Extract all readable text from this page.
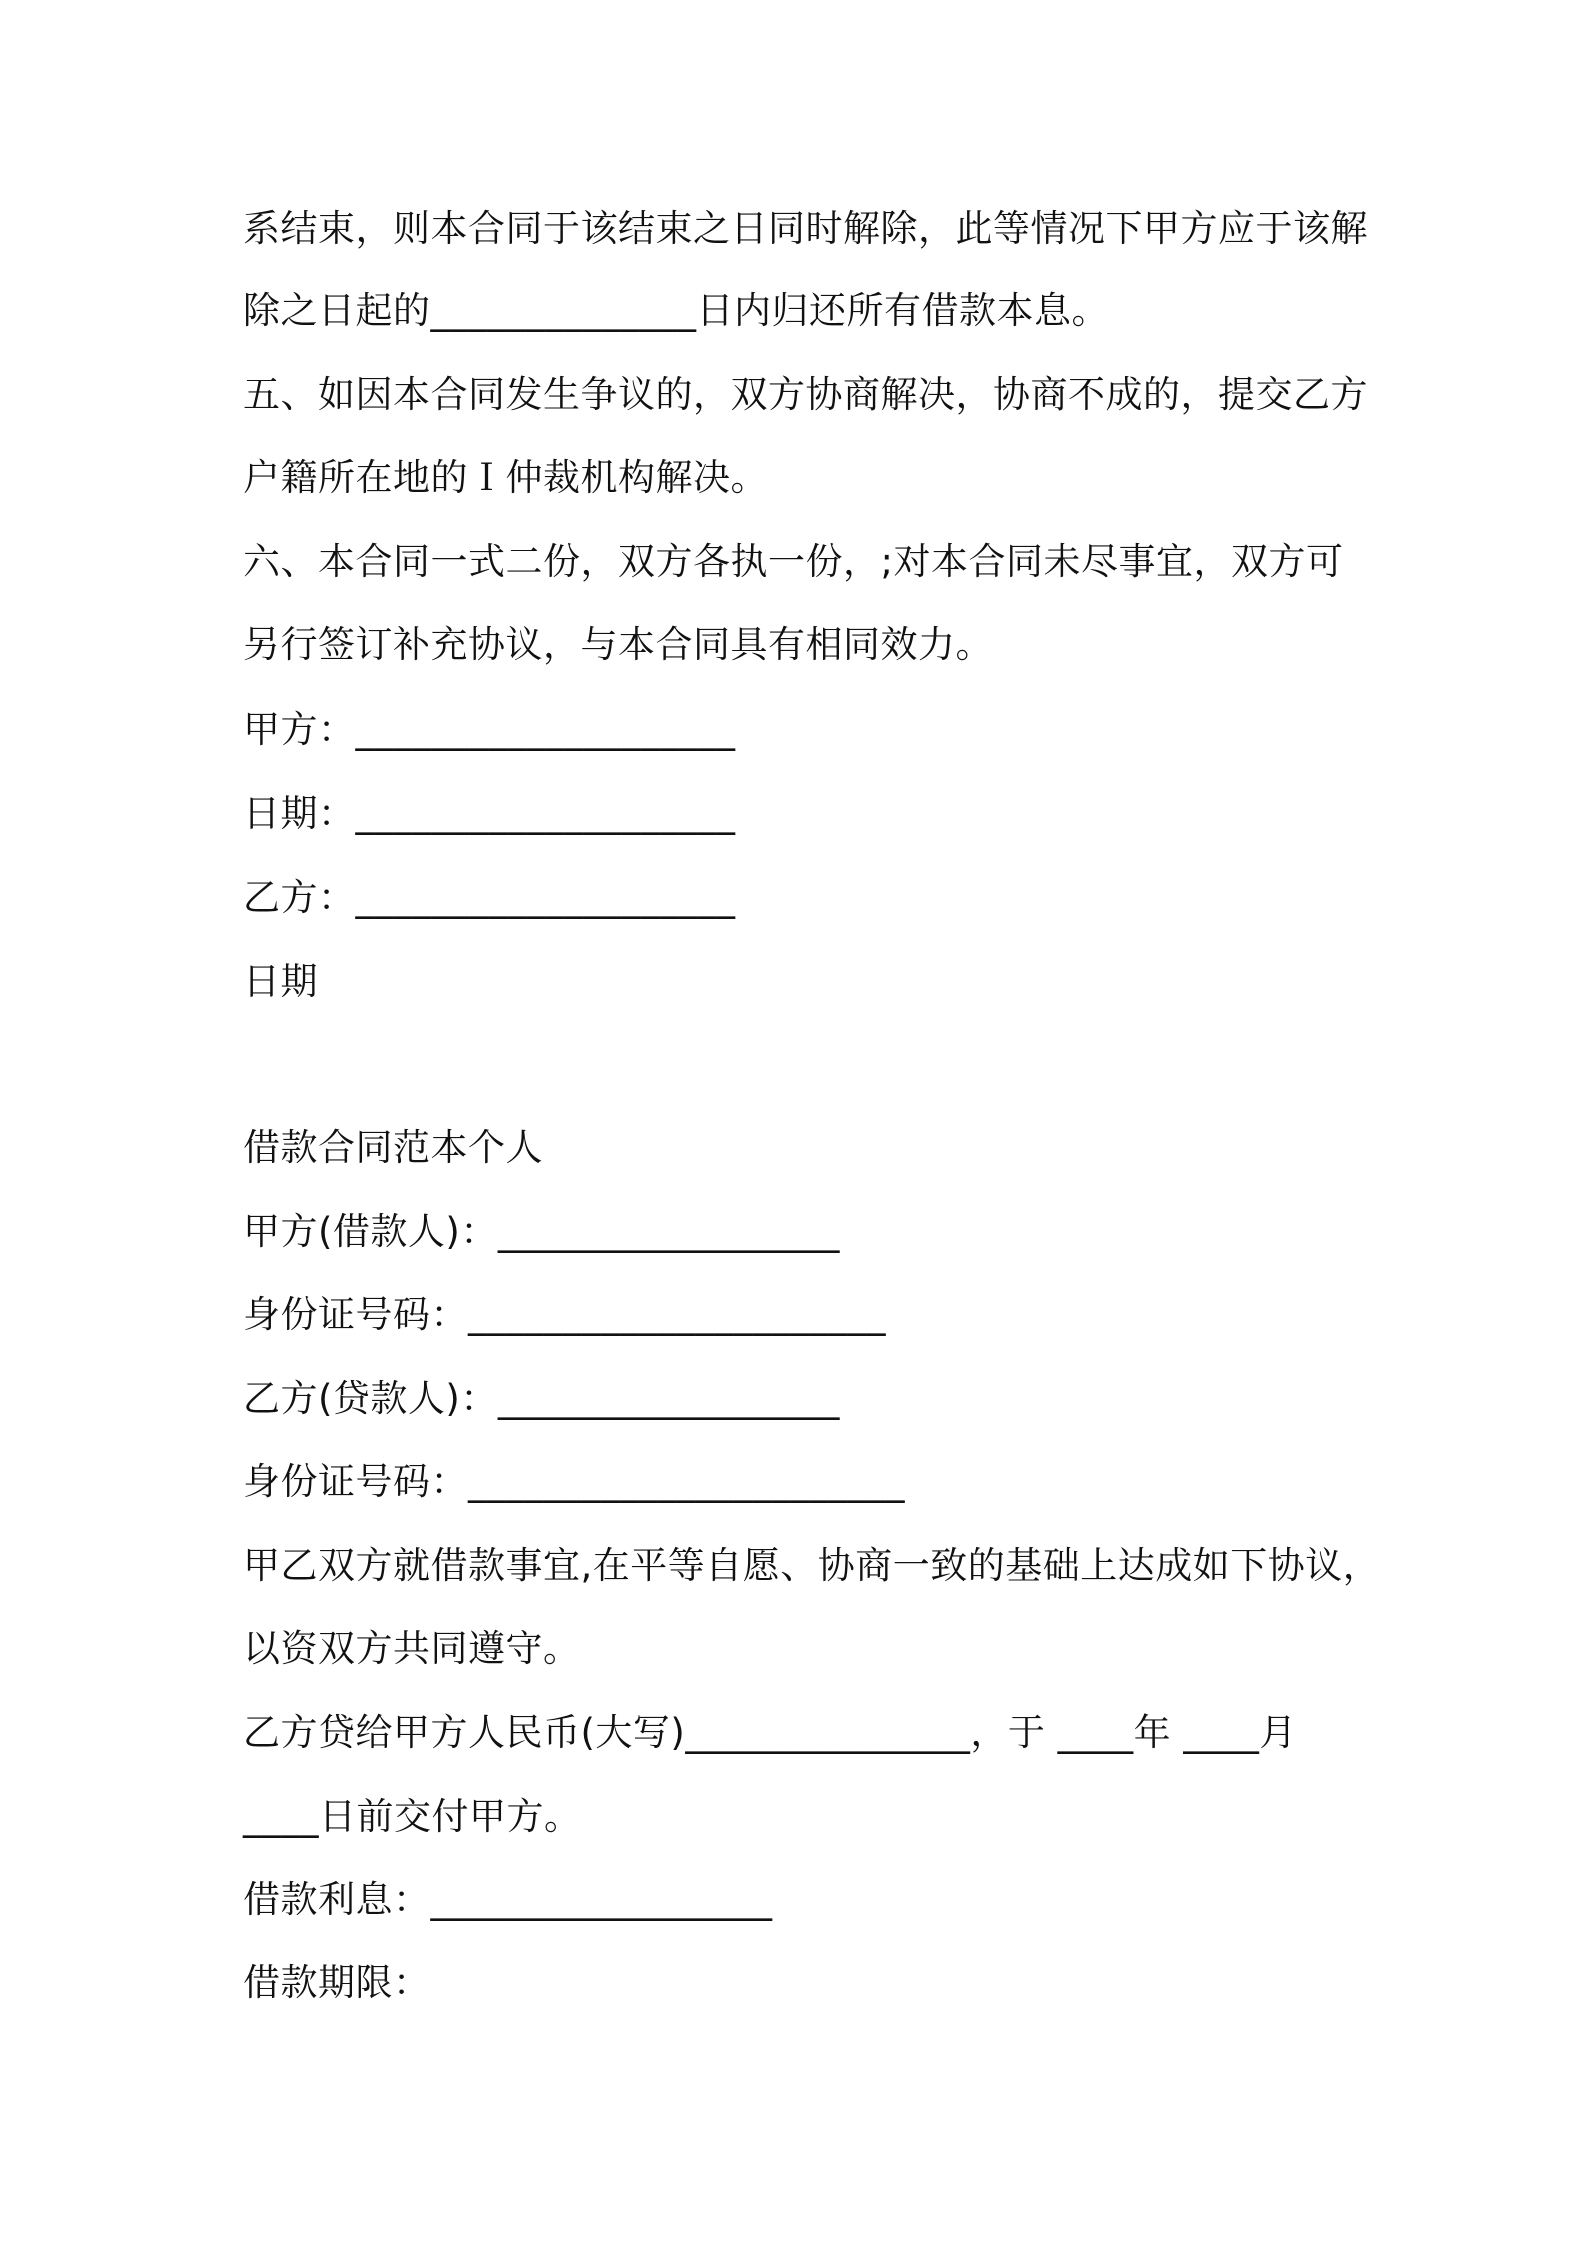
系结束，则本合同于该结束之日同时解除，此等情况下甲方应于该解
除之日起的______________日内归还所有借款本息。
五、如因本合同发生争议的，双方协商解决，协商不成的，提交乙方
户籍所在地的Ｉ仲裁机构解决。
六、本合同一式二份，双方各执一份，;对本合同未尽事宜，双方可
另行签订补充协议，与本合同具有相同效力。
甲方：____________________
日期：____________________
乙方：____________________
日期
借款合同范本个人
甲方(借款人)：__________________
身份证号码：______________________
乙方(贷款人)：__________________
身份证号码：_______________________
甲乙双方就借款事宜,在平等自愿、协商一致的基础上达成如下协议，
以资双方共同遵守。
乙方贷给甲方人民币(大写)_______________，于 ____年 ____月
____日前交付甲方。
借款利息：__________________
借款期限：
